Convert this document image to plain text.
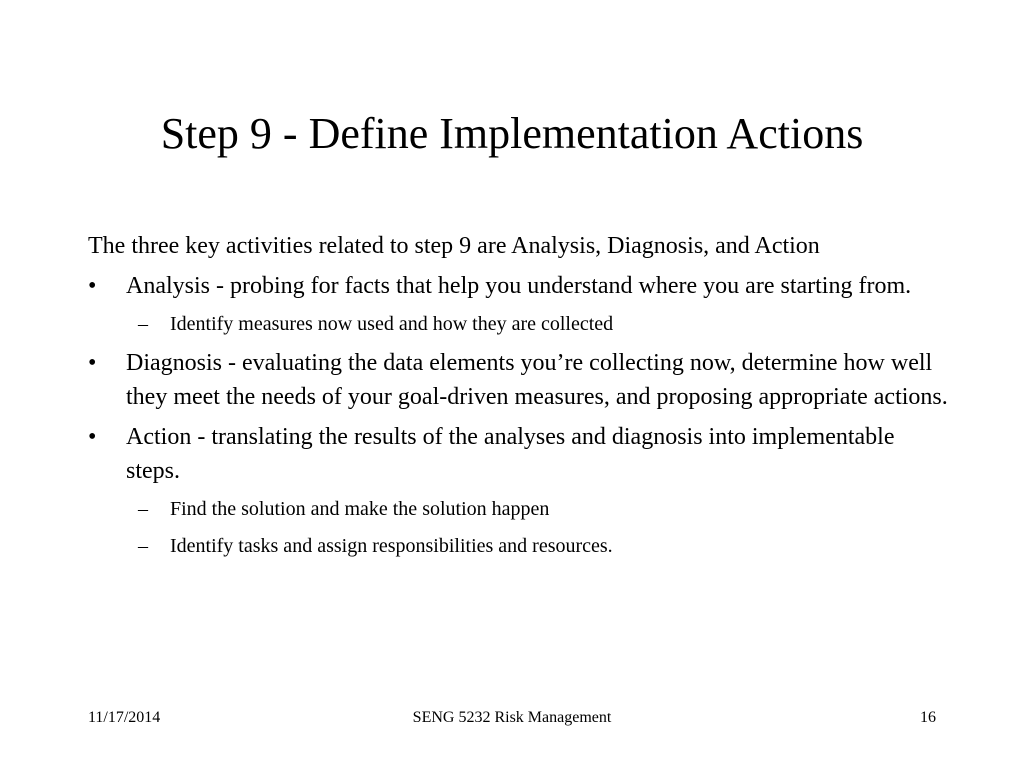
Step 9 - Define Implementation Actions

The three key activities related to step 9 are Analysis, Diagnosis, and Action

•	Analysis - probing for facts that help you understand where you are starting from.
–	Identify measures now used and how they are collected
•	Diagnosis - evaluating the data elements you’re collecting now, determine how well they meet the needs of your goal-driven measures, and proposing appropriate actions.
•	Action - translating the results of the analyses and diagnosis into implementable steps.
–	Find the solution and make the solution happen
–	Identify tasks and assign responsibilities and resources.
11/17/2014	SENG 5232 Risk Management	16
